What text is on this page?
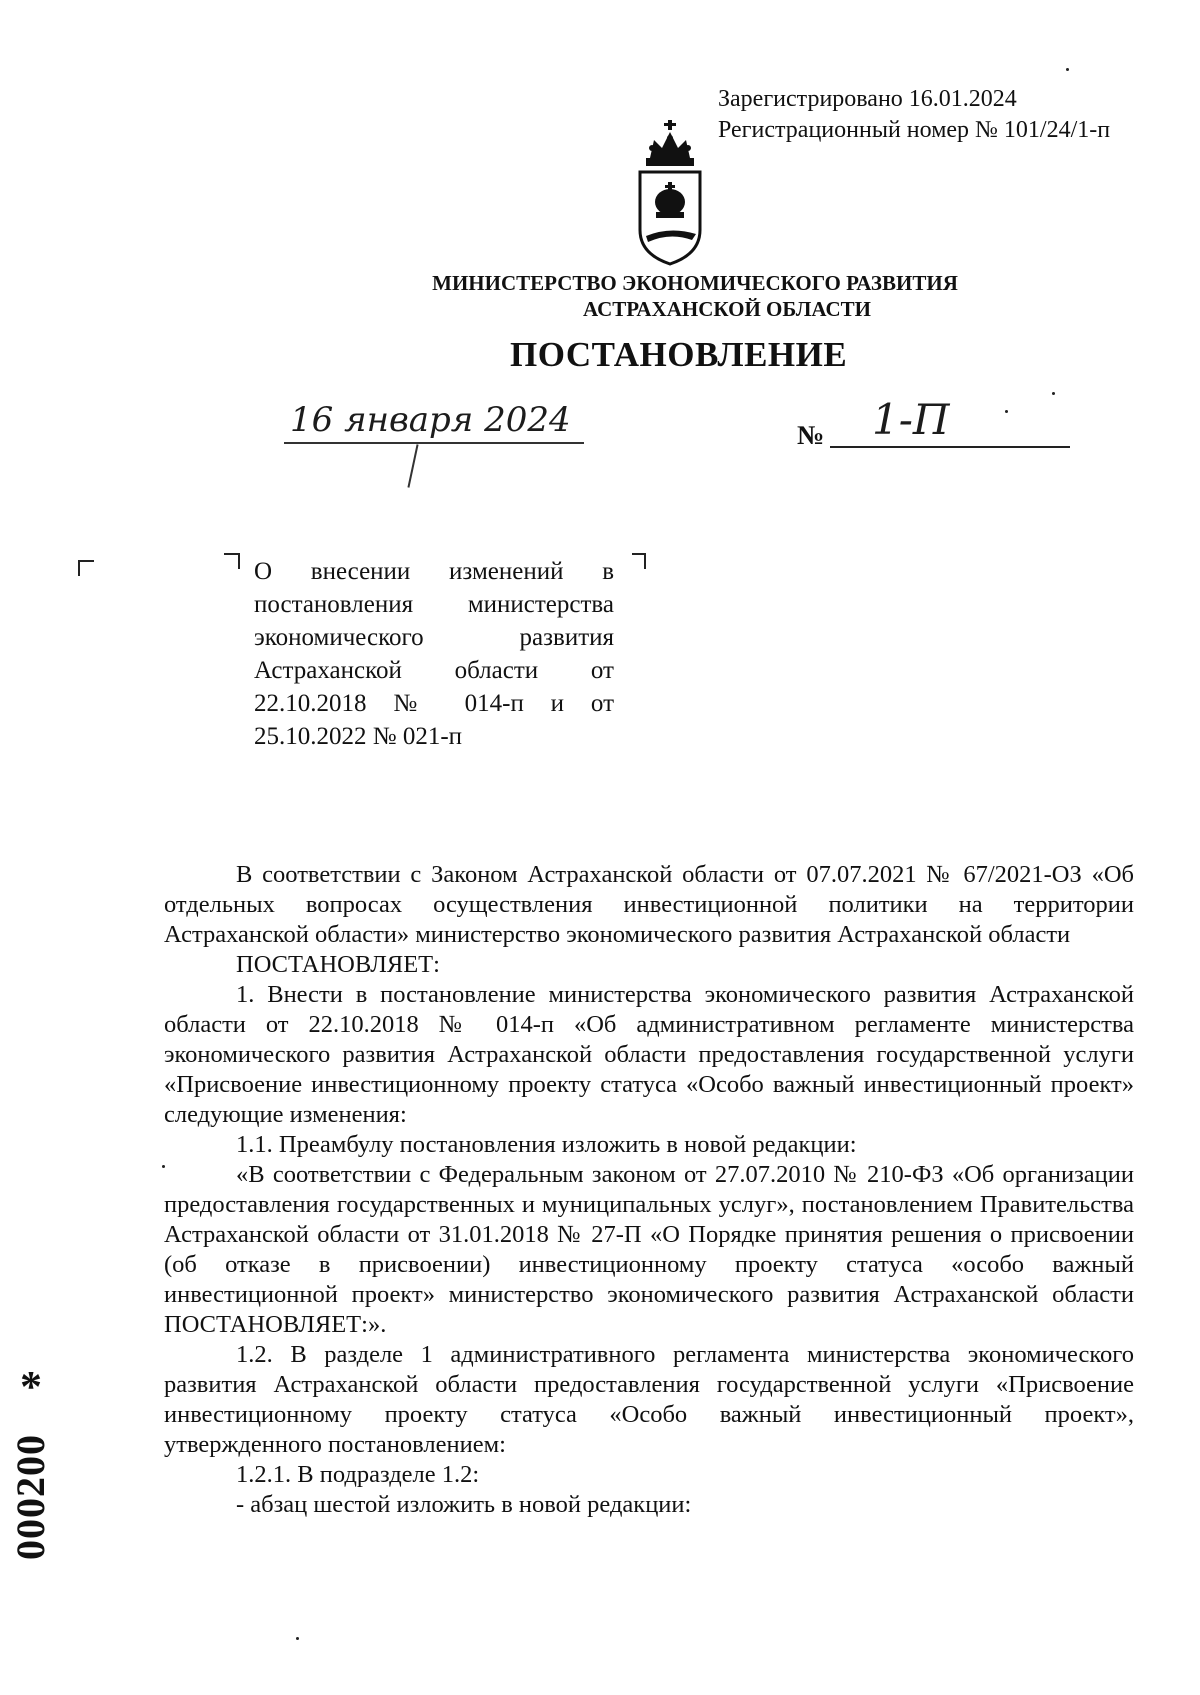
Зарегистрировано 16.01.2024
Регистрационный номер № 101/24/1-п
МИНИСТЕРСТВО ЭКОНОМИЧЕСКОГО РАЗВИТИЯ
АСТРАХАНСКОЙ ОБЛАСТИ
ПОСТАНОВЛЕНИЕ
16 января 2024	№ 1-П

О внесении изменений в постановления министерства экономического развития Астраханской области от 22.10.2018 № 014-п и от 25.10.2022 № 021-п

В соответствии с Законом Астраханской области от 07.07.2021 № 67/2021-ОЗ «Об отдельных вопросах осуществления инвестиционной политики на территории Астраханской области» министерство экономического развития Астраханской области

ПОСТАНОВЛЯЕТ:

1. Внести в постановление министерства экономического развития Астраханской области от 22.10.2018 № 014-п «Об административном регламенте министерства экономического развития Астраханской области предоставления государственной услуги «Присвоение инвестиционному проекту статуса «Особо важный инвестиционный проект» следующие изменения:

1.1. Преамбулу постановления изложить в новой редакции:

«В соответствии с Федеральным законом от 27.07.2010 № 210-ФЗ «Об организации предоставления государственных и муниципальных услуг», постановлением Правительства Астраханской области от 31.01.2018 № 27-П «О Порядке принятия решения о присвоении (об отказе в присвоении) инвестиционному проекту статуса «особо важный инвестиционной проект» министерство экономического развития Астраханской области ПОСТАНОВЛЯЕТ:».

1.2. В разделе 1 административного регламента министерства экономического развития Астраханской области предоставления государственной услуги «Присвоение инвестиционному проекту статуса «Особо важный инвестиционный проект», утвержденного постановлением:

1.2.1. В подразделе 1.2:

- абзац шестой изложить в новой редакции:

*
000200
